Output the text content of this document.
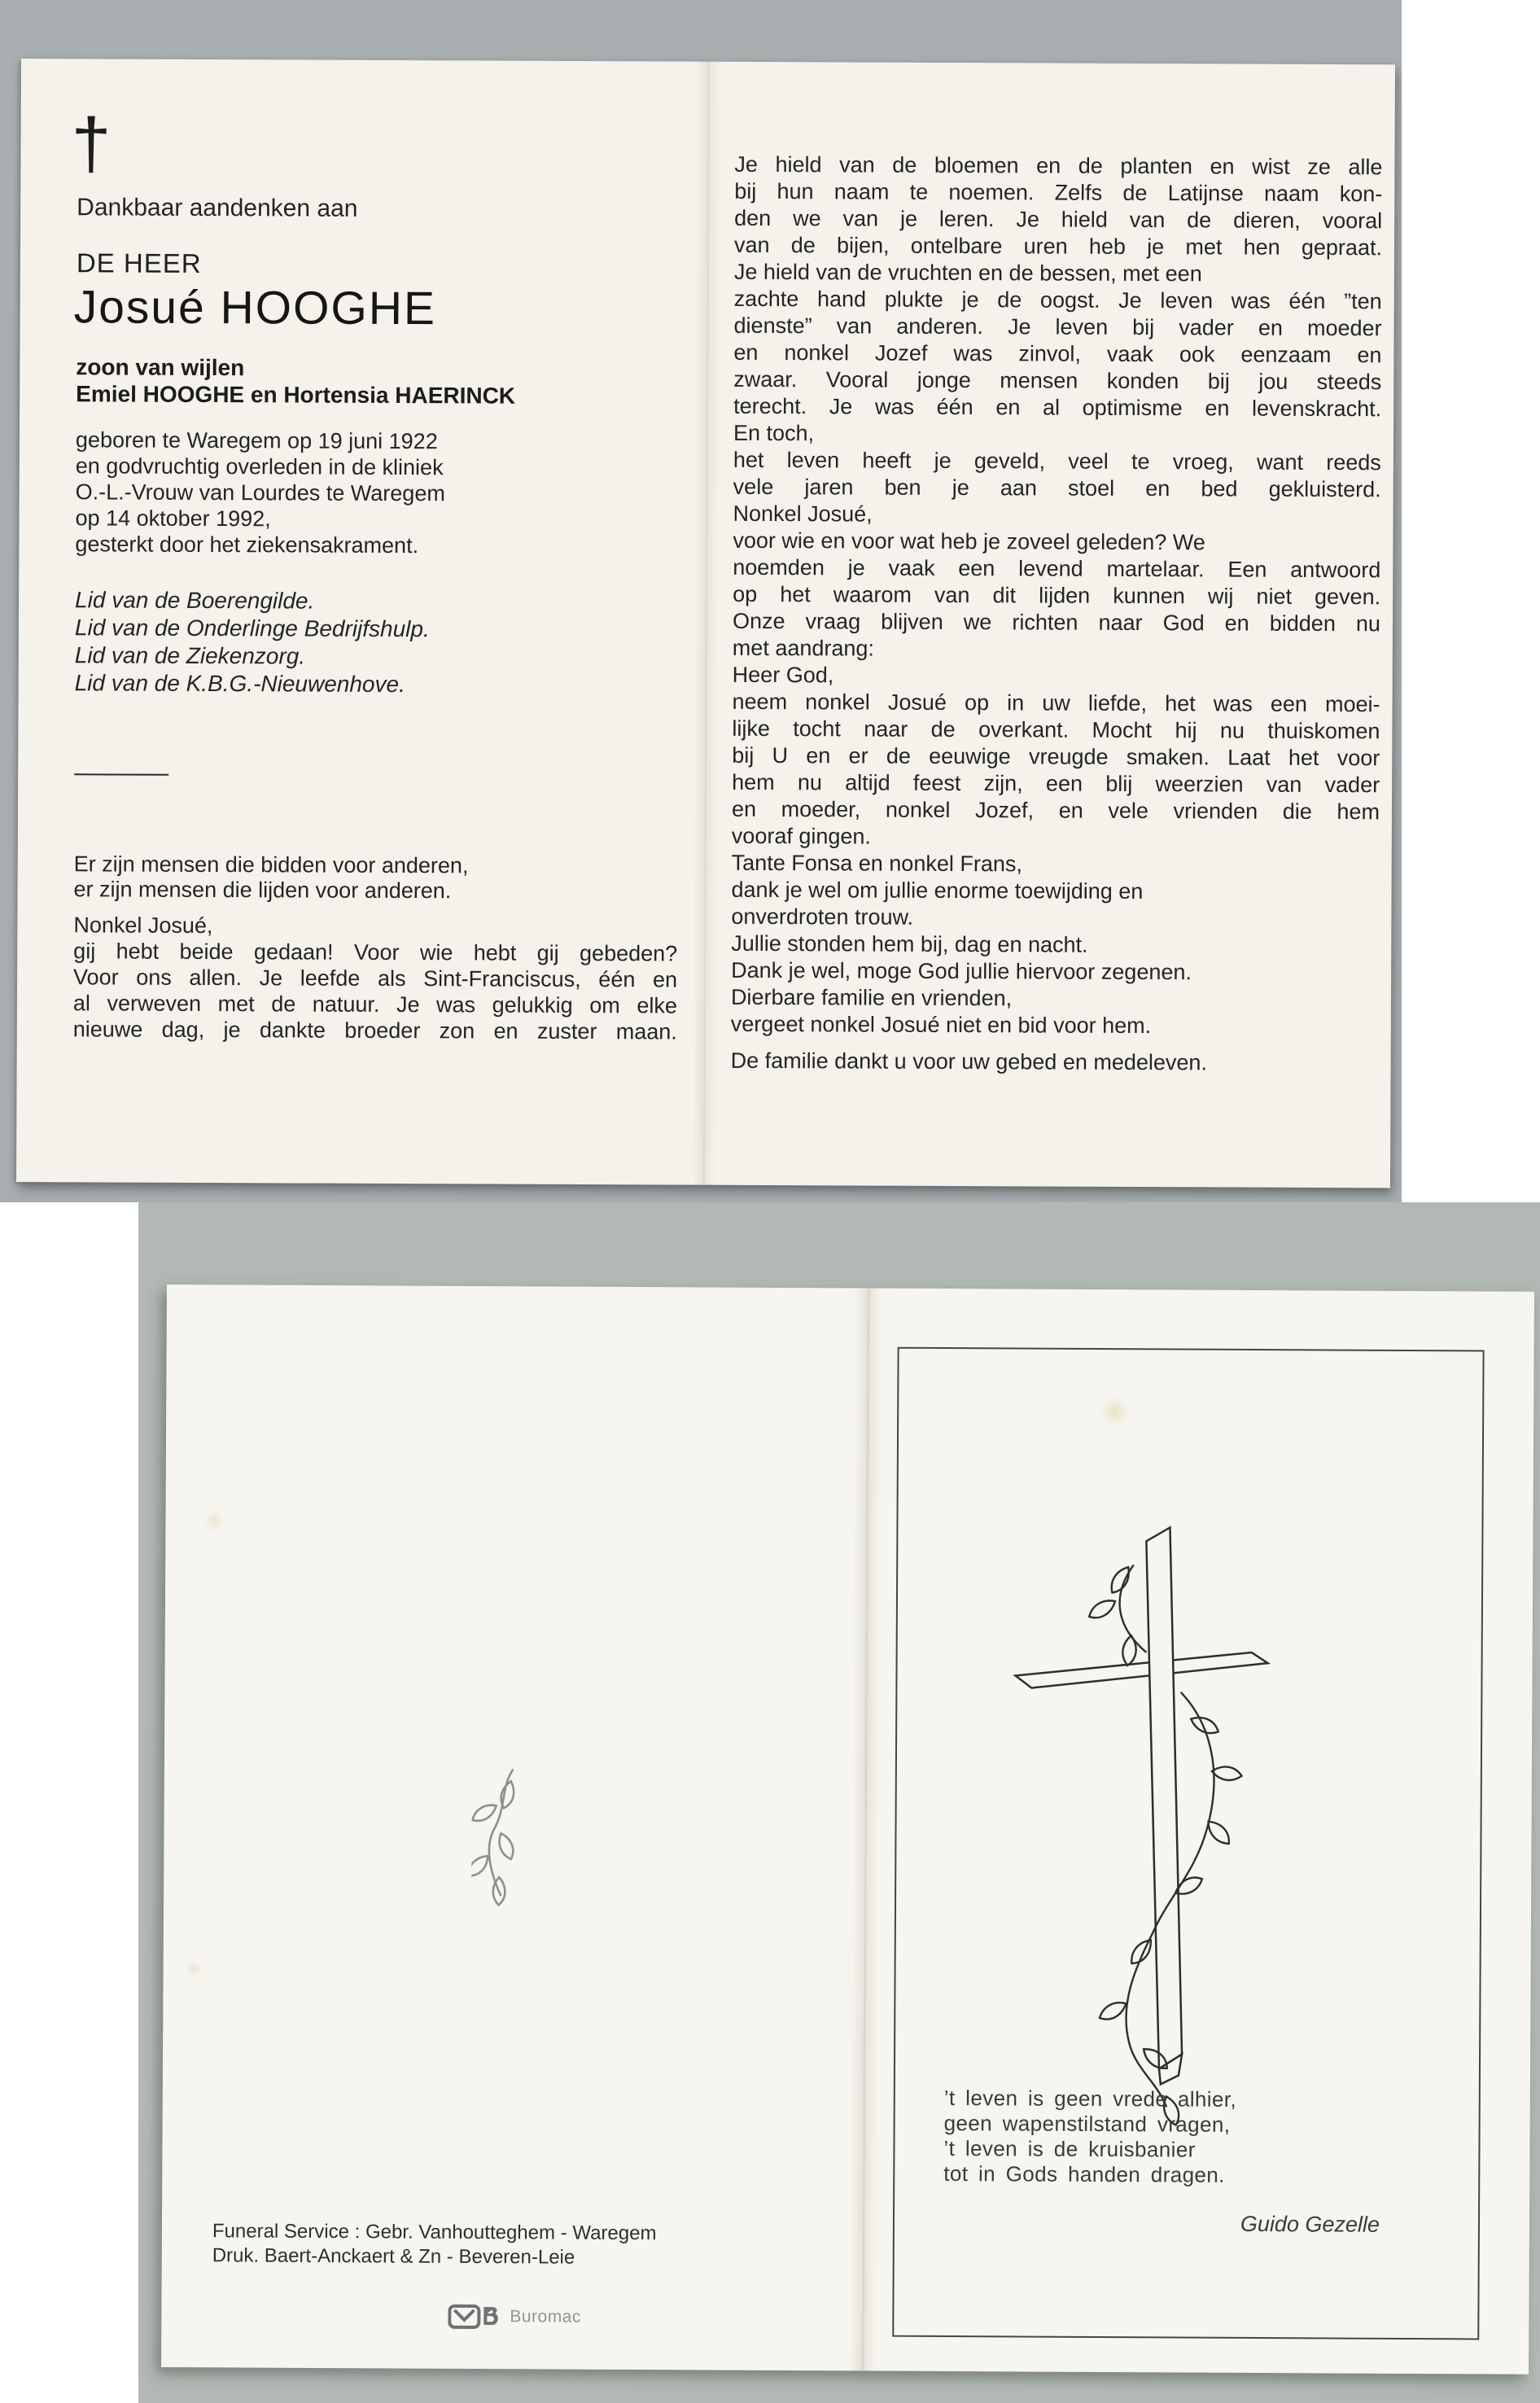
†
Dankbaar aandenken aan
DE HEER
Josué HOOGHE
zoon van wijlen
Emiel HOOGHE en Hortensia HAERINCK
geboren te Waregem op 19 juni 1922
en godvruchtig overleden in de kliniek
O.-L.-Vrouw van Lourdes te Waregem
op 14 oktober 1992,
gesterkt door het ziekensakrament.
Lid van de Boerengilde.
Lid van de Onderlinge Bedrijfshulp.
Lid van de Ziekenzorg.
Lid van de K.B.G.-Nieuwenhove.
Er zijn mensen die bidden voor anderen,
er zijn mensen die lijden voor anderen.
Nonkel Josué,
gij hebt beide gedaan! Voor wie hebt gij gebeden?
Voor ons allen. Je leefde als Sint-Franciscus, één en
al verweven met de natuur. Je was gelukkig om elke
nieuwe dag, je dankte broeder zon en zuster maan.
Je hield van de bloemen en de planten en wist ze alle
bij hun naam te noemen. Zelfs de Latijnse naam kon-
den we van je leren. Je hield van de dieren, vooral
van de bijen, ontelbare uren heb je met hen gepraat.
Je hield van de vruchten en de bessen, met een
zachte hand plukte je de oogst. Je leven was één ”ten
dienste” van anderen. Je leven bij vader en moeder
en nonkel Jozef was zinvol, vaak ook eenzaam en
zwaar. Vooral jonge mensen konden bij jou steeds
terecht. Je was één en al optimisme en levenskracht.
En toch,
het leven heeft je geveld, veel te vroeg, want reeds
vele jaren ben je aan stoel en bed gekluisterd.
Nonkel Josué,
voor wie en voor wat heb je zoveel geleden? We
noemden je vaak een levend martelaar. Een antwoord
op het waarom van dit lijden kunnen wij niet geven.
Onze vraag blijven we richten naar God en bidden nu
met aandrang:
Heer God,
neem nonkel Josué op in uw liefde, het was een moei-
lijke tocht naar de overkant. Mocht hij nu thuiskomen
bij U en er de eeuwige vreugde smaken. Laat het voor
hem nu altijd feest zijn, een blij weerzien van vader
en moeder, nonkel Jozef, en vele vrienden die hem
vooraf gingen.
Tante Fonsa en nonkel Frans,
dank je wel om jullie enorme toewijding en
onverdroten trouw.
Jullie stonden hem bij, dag en nacht.
Dank je wel, moge God jullie hiervoor zegenen.
Dierbare familie en vrienden,
vergeet nonkel Josué niet en bid voor hem.
De familie dankt u voor uw gebed en medeleven.
Funeral Service : Gebr. Vanhoutteghem - Waregem
Druk. Baert-Anckaert & Zn - Beveren-Leie
Buromac
’t leven is geen vrede alhier,
geen wapenstilstand vragen,
’t leven is de kruisbanier
tot in Gods handen dragen.
Guido Gezelle
